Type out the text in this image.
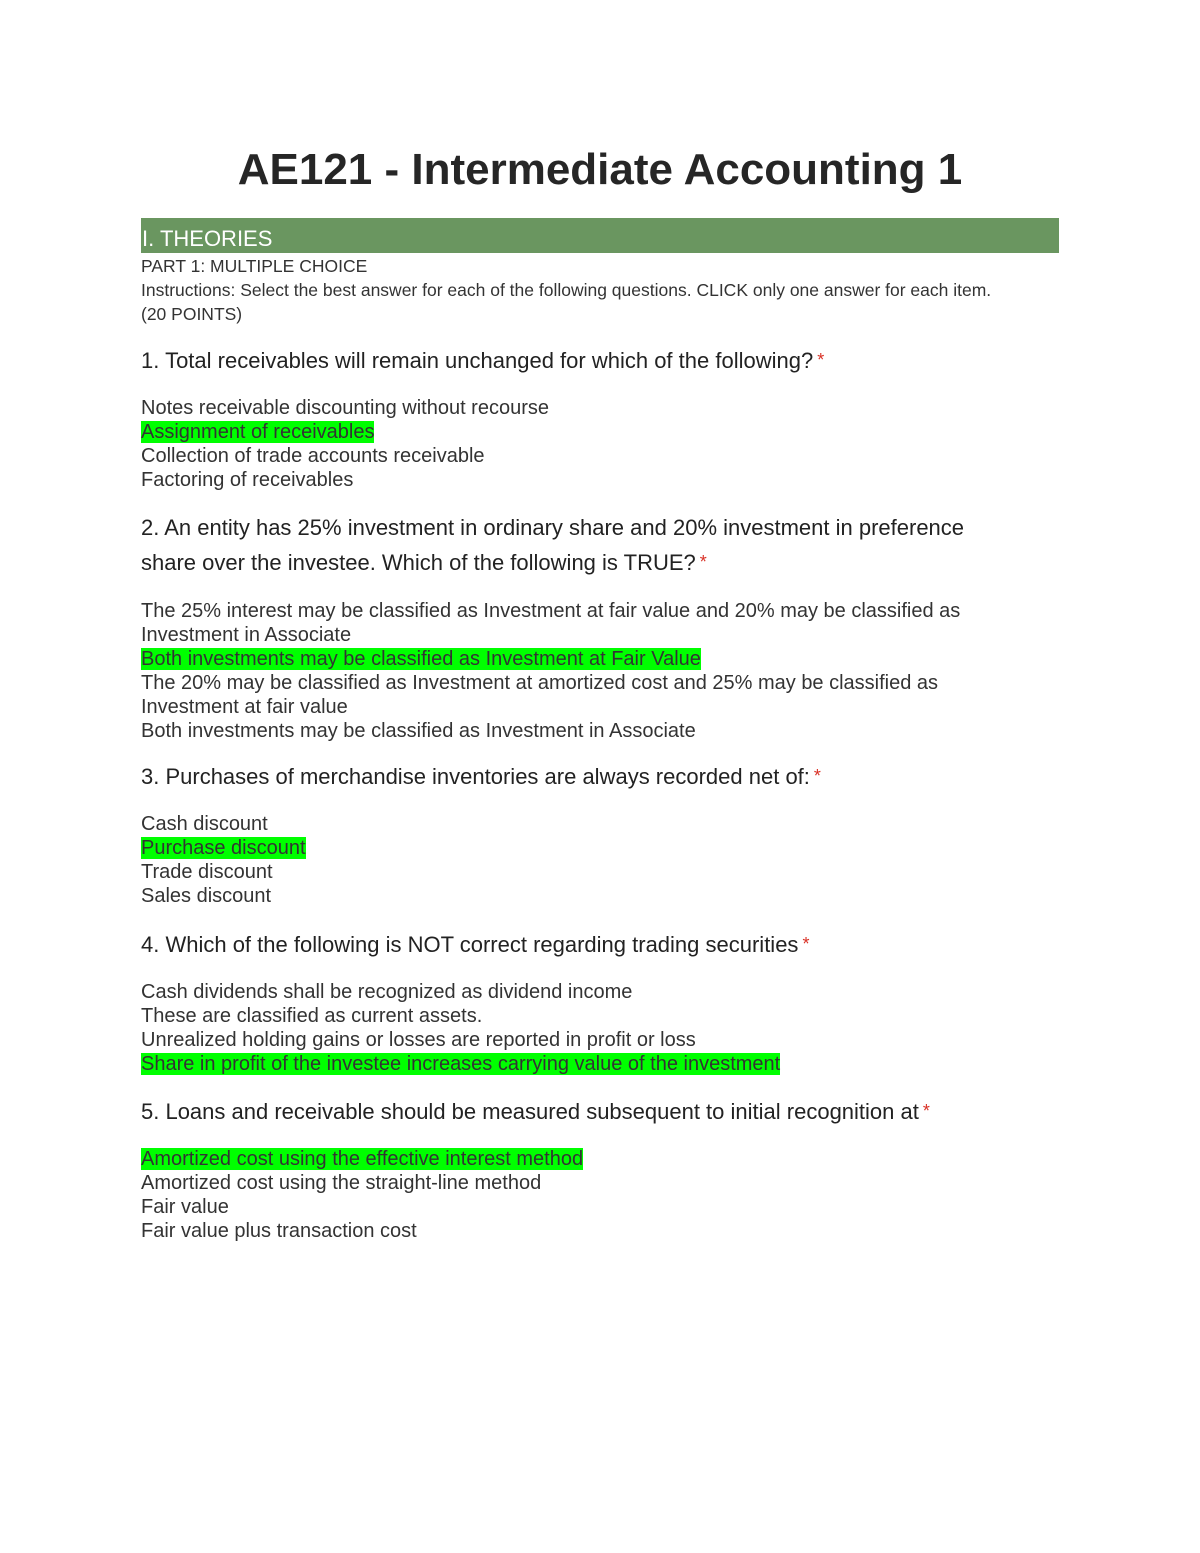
AE121 - Intermediate Accounting 1
I. THEORIES

PART 1: MULTIPLE CHOICE

Instructions: Select the best answer for each of the following questions. CLICK only one answer for each item.

(20 POINTS)

1. Total receivables will remain unchanged for which of the following? *

Notes receivable discounting without recourse
Assignment of receivables
Collection of trade accounts receivable
Factoring of receivables

2. An entity has 25% investment in ordinary share and 20% investment in preference
share over the investee. Which of the following is TRUE? *

The 25% interest may be classified as Investment at fair value and 20% may be classified as Investment in Associate
Both investments may be classified as Investment at Fair Value
The 20% may be classified as Investment at amortized cost and 25% may be classified as Investment at fair value
Both investments may be classified as Investment in Associate

3. Purchases of merchandise inventories are always recorded net of: *

Cash discount
Purchase discount
Trade discount
Sales discount

4. Which of the following is NOT correct regarding trading securities *

Cash dividends shall be recognized as dividend income
These are classified as current assets.
Unrealized holding gains or losses are reported in profit or loss
Share in profit of the investee increases carrying value of the investment

5. Loans and receivable should be measured subsequent to initial recognition at *

Amortized cost using the effective interest method
Amortized cost using the straight-line method
Fair value
Fair value plus transaction cost
